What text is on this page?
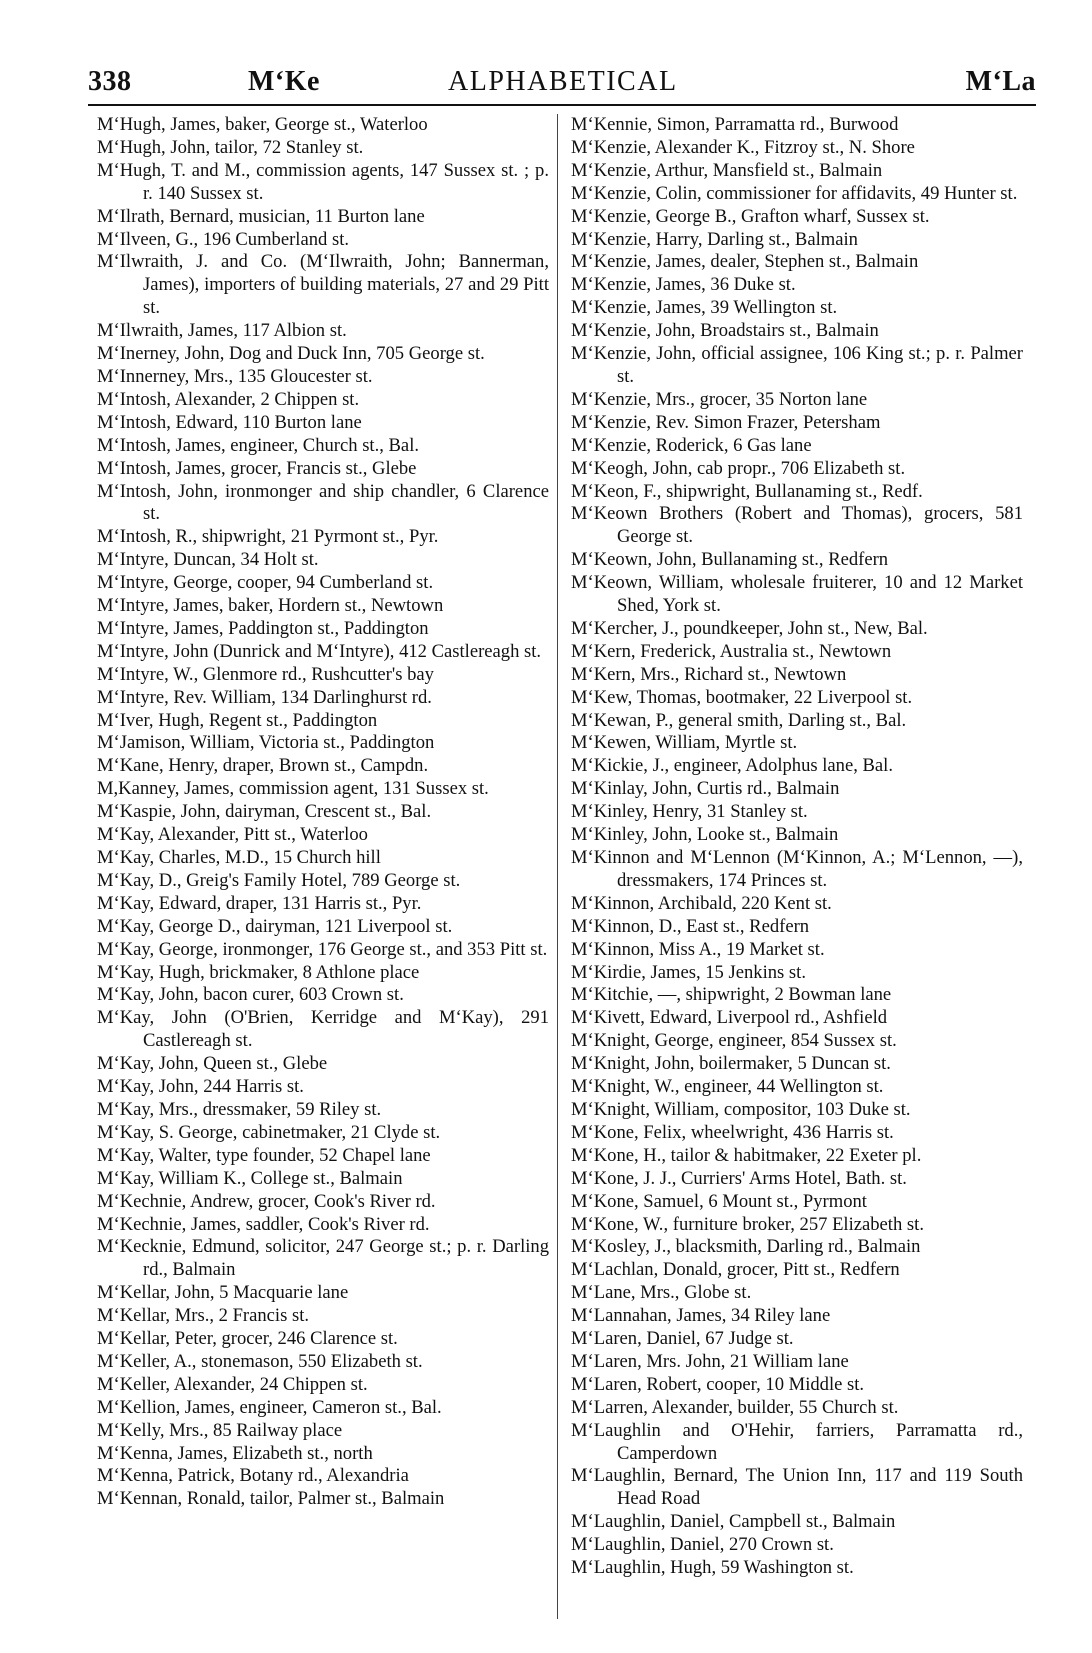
338	M‘Ke	ALPHABETICAL	M‘La

M‘Hugh, James, baker, George st., Waterloo

M‘Hugh, John, tailor, 72 Stanley st.

M‘Hugh, T. and M., commission agents, 147 Sussex st. ; p. r. 140 Sussex st.

M‘Ilrath, Bernard, musician, 11 Burton lane

M‘Ilveen, G., 196 Cumberland st.

M‘Ilwraith, J. and Co. (M‘Ilwraith, John; Bannerman, James), importers of building materials, 27 and 29 Pitt st.

M‘Ilwraith, James, 117 Albion st.

M‘Inerney, John, Dog and Duck Inn, 705 George st.

M‘Innerney, Mrs., 135 Gloucester st.

M‘Intosh, Alexander, 2 Chippen st.

M‘Intosh, Edward, 110 Burton lane

M‘Intosh, James, engineer, Church st., Bal.

M‘Intosh, James, grocer, Francis st., Glebe

M‘Intosh, John, ironmonger and ship chandler, 6 Clarence st.

M‘Intosh, R., shipwright, 21 Pyrmont st., Pyr.

M‘Intyre, Duncan, 34 Holt st.

M‘Intyre, George, cooper, 94 Cumberland st.

M‘Intyre, James, baker, Hordern st., Newtown

M‘Intyre, James, Paddington st., Paddington

M‘Intyre, John (Dunrick and M‘Intyre), 412 Castlereagh st.

M‘Intyre, W., Glenmore rd., Rushcutter's bay

M‘Intyre, Rev. William, 134 Darlinghurst rd.

M‘Iver, Hugh, Regent st., Paddington

M‘Jamison, William, Victoria st., Paddington

M‘Kane, Henry, draper, Brown st., Campdn.

M,Kanney, James, commission agent, 131 Sussex st.

M‘Kaspie, John, dairyman, Crescent st., Bal.

M‘Kay, Alexander, Pitt st., Waterloo

M‘Kay, Charles, M.D., 15 Church hill

M‘Kay, D., Greig's Family Hotel, 789 George st.

M‘Kay, Edward, draper, 131 Harris st., Pyr.

M‘Kay, George D., dairyman, 121 Liverpool st.

M‘Kay, George, ironmonger, 176 George st., and 353 Pitt st.

M‘Kay, Hugh, brickmaker, 8 Athlone place

M‘Kay, John, bacon curer, 603 Crown st.

M‘Kay, John (O'Brien, Kerridge and M‘Kay), 291 Castlereagh st.

M‘Kay, John, Queen st., Glebe

M‘Kay, John, 244 Harris st.

M‘Kay, Mrs., dressmaker, 59 Riley st.

M‘Kay, S. George, cabinetmaker, 21 Clyde st.

M‘Kay, Walter, type founder, 52 Chapel lane

M‘Kay, William K., College st., Balmain

M‘Kechnie, Andrew, grocer, Cook's River rd.

M‘Kechnie, James, saddler, Cook's River rd.

M‘Kecknie, Edmund, solicitor, 247 George st.; p. r. Darling rd., Balmain

M‘Kellar, John, 5 Macquarie lane

M‘Kellar, Mrs., 2 Francis st.

M‘Kellar, Peter, grocer, 246 Clarence st.

M‘Keller, A., stonemason, 550 Elizabeth st.

M‘Keller, Alexander, 24 Chippen st.

M‘Kellion, James, engineer, Cameron st., Bal.

M‘Kelly, Mrs., 85 Railway place

M‘Kenna, James, Elizabeth st., north

M‘Kenna, Patrick, Botany rd., Alexandria

M‘Kennan, Ronald, tailor, Palmer st., Balmain

M‘Kennie, Simon, Parramatta rd., Burwood

M‘Kenzie, Alexander K., Fitzroy st., N. Shore

M‘Kenzie, Arthur, Mansfield st., Balmain

M‘Kenzie, Colin, commissioner for affidavits, 49 Hunter st.

M‘Kenzie, George B., Grafton wharf, Sussex st.

M‘Kenzie, Harry, Darling st., Balmain

M‘Kenzie, James, dealer, Stephen st., Balmain

M‘Kenzie, James, 36 Duke st.

M‘Kenzie, James, 39 Wellington st.

M‘Kenzie, John, Broadstairs st., Balmain

M‘Kenzie, John, official assignee, 106 King st.; p. r. Palmer st.

M‘Kenzie, Mrs., grocer, 35 Norton lane

M‘Kenzie, Rev. Simon Frazer, Petersham

M‘Kenzie, Roderick, 6 Gas lane

M‘Keogh, John, cab propr., 706 Elizabeth st.

M‘Keon, F., shipwright, Bullanaming st., Redf.

M‘Keown Brothers (Robert and Thomas), grocers, 581 George st.

M‘Keown, John, Bullanaming st., Redfern

M‘Keown, William, wholesale fruiterer, 10 and 12 Market Shed, York st.

M‘Kercher, J., poundkeeper, John st., New, Bal.

M‘Kern, Frederick, Australia st., Newtown

M‘Kern, Mrs., Richard st., Newtown

M‘Kew, Thomas, bootmaker, 22 Liverpool st.

M‘Kewan, P., general smith, Darling st., Bal.

M‘Kewen, William, Myrtle st.

M‘Kickie, J., engineer, Adolphus lane, Bal.

M‘Kinlay, John, Curtis rd., Balmain

M‘Kinley, Henry, 31 Stanley st.

M‘Kinley, John, Looke st., Balmain

M‘Kinnon and M‘Lennon (M‘Kinnon, A.; M‘Lennon, —), dressmakers, 174 Princes st.

M‘Kinnon, Archibald, 220 Kent st.

M‘Kinnon, D., East st., Redfern

M‘Kinnon, Miss A., 19 Market st.

M‘Kirdie, James, 15 Jenkins st.

M‘Kitchie, —, shipwright, 2 Bowman lane

M‘Kivett, Edward, Liverpool rd., Ashfield

M‘Knight, George, engineer, 854 Sussex st.

M‘Knight, John, boilermaker, 5 Duncan st.

M‘Knight, W., engineer, 44 Wellington st.

M‘Knight, William, compositor, 103 Duke st.

M‘Kone, Felix, wheelwright, 436 Harris st.

M‘Kone, H., tailor & habitmaker, 22 Exeter pl.

M‘Kone, J. J., Curriers' Arms Hotel, Bath. st.

M‘Kone, Samuel, 6 Mount st., Pyrmont

M‘Kone, W., furniture broker, 257 Elizabeth st.

M‘Kosley, J., blacksmith, Darling rd., Balmain

M‘Lachlan, Donald, grocer, Pitt st., Redfern

M‘Lane, Mrs., Globe st.

M‘Lannahan, James, 34 Riley lane

M‘Laren, Daniel, 67 Judge st.

M‘Laren, Mrs. John, 21 William lane

M‘Laren, Robert, cooper, 10 Middle st.

M‘Larren, Alexander, builder, 55 Church st.

M‘Laughlin and O'Hehir, farriers, Parramatta rd., Camperdown

M‘Laughlin, Bernard, The Union Inn, 117 and 119 South Head Road

M‘Laughlin, Daniel, Campbell st., Balmain

M‘Laughlin, Daniel, 270 Crown st.

M‘Laughlin, Hugh, 59 Washington st.
